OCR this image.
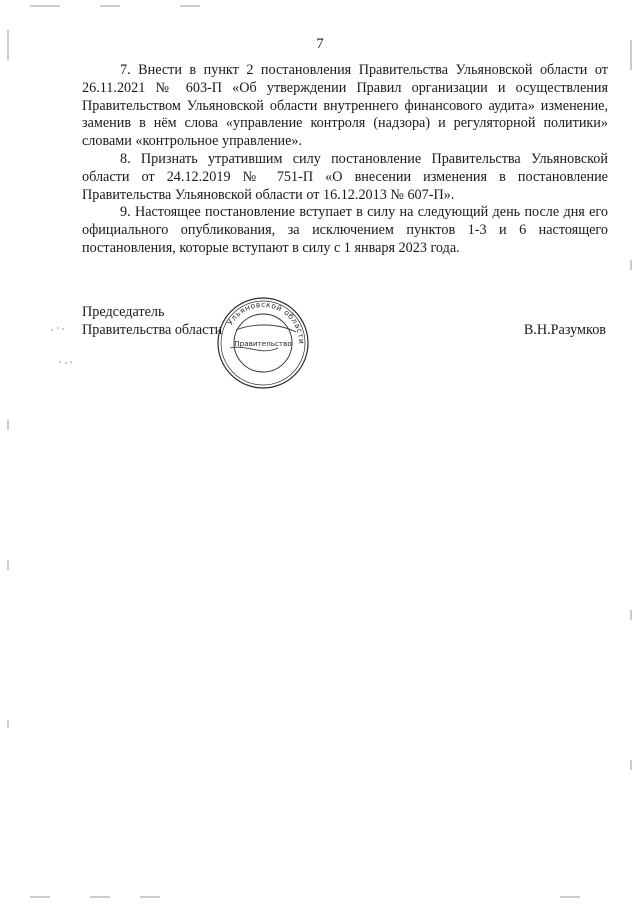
7

7. Внести в пункт 2 постановления Правительства Ульяновской области от 26.11.2021 № 603-П «Об утверждении Правил организации и осуществления Правительством Ульяновской области внутреннего финансового аудита» изменение, заменив в нём слова «управление контроля (надзора) и регуляторной политики» словами «контрольное управление».

8. Признать утратившим силу постановление Правительства Ульяновской области от 24.12.2019 № 751-П «О внесении изменения в постановление Правительства Ульяновской области от 16.12.2013 № 607-П».

9. Настоящее постановление вступает в силу на следующий день после дня его официального опубликования, за исключением пунктов 1-3 и 6 настоящего постановления, которые вступают в силу с 1 января 2023 года.

Председатель
Правительства области	В.Н.Разумков
Ульяновской области
Правительство
